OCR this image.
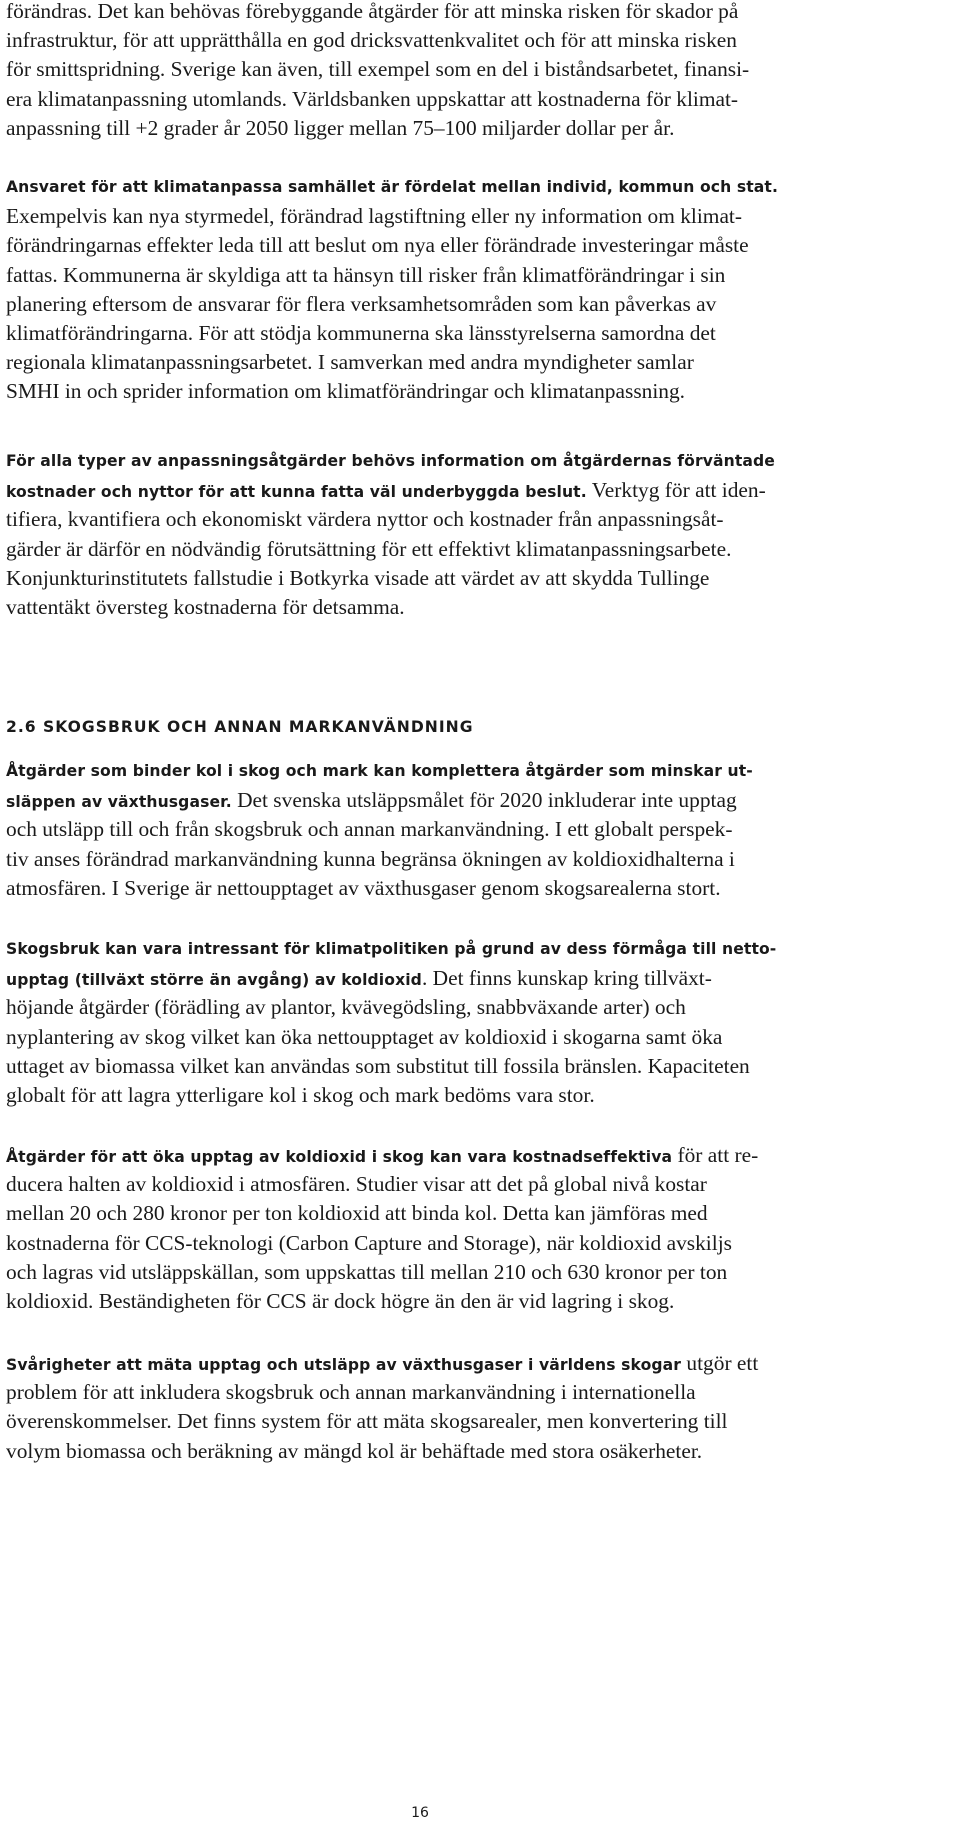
förändras. Det kan behövas förebyggande åtgärder för att minska risken för skador på
infrastruktur, för att upprätthålla en god dricksvattenkvalitet och för att minska risken
för smittspridning. Sverige kan även, till exempel som en del i biståndsarbetet, finansi-
era klimatanpassning utomlands. Världsbanken uppskattar att kostnaderna för klimat-
anpassning till +2 grader år 2050 ligger mellan 75–100 miljarder dollar per år.
Ansvaret för att klimatanpassa samhället är fördelat mellan individ, kommun och stat.
Exempelvis kan nya styrmedel, förändrad lagstiftning eller ny information om klimat-
förändringarnas effekter leda till att beslut om nya eller förändrade investeringar måste
fattas. Kommunerna är skyldiga att ta hänsyn till risker från klimatförändringar i sin
planering eftersom de ansvarar för flera verksamhetsområden som kan påverkas av
klimatförändringarna. För att stödja kommunerna ska länsstyrelserna samordna det
regionala klimatanpassningsarbetet. I samverkan med andra myndigheter samlar
SMHI in och sprider information om klimatförändringar och klimatanpassning.
För alla typer av anpassningsåtgärder behövs information om åtgärdernas förväntade
kostnader och nyttor för att kunna fatta väl underbyggda beslut. Verktyg för att iden-
tifiera, kvantifiera och ekonomiskt värdera nyttor och kostnader från anpassningsåt-
gärder är därför en nödvändig förutsättning för ett effektivt klimatanpassningsarbete.
Konjunkturinstitutets fallstudie i Botkyrka visade att värdet av att skydda Tullinge
vattentäkt översteg kostnaderna för detsamma.
2.6 SKOGSBRUK OCH ANNAN MARKANVÄNDNING
Åtgärder som binder kol i skog och mark kan komplettera åtgärder som minskar ut-
släppen av växthusgaser. Det svenska utsläppsmålet för 2020 inkluderar inte upptag
och utsläpp till och från skogsbruk och annan markanvändning. I ett globalt perspek-
tiv anses förändrad markanvändning kunna begränsa ökningen av koldioxidhalterna i
atmosfären. I Sverige är nettoupptaget av växthusgaser genom skogsarealerna stort.
Skogsbruk kan vara intressant för klimatpolitiken på grund av dess förmåga till netto-
upptag (tillväxt större än avgång) av koldioxid. Det finns kunskap kring tillväxt-
höjande åtgärder (förädling av plantor, kvävegödsling, snabbväxande arter) och
nyplantering av skog vilket kan öka nettoupptaget av koldioxid i skogarna samt öka
uttaget av biomassa vilket kan användas som substitut till fossila bränslen. Kapaciteten
globalt för att lagra ytterligare kol i skog och mark bedöms vara stor.
Åtgärder för att öka upptag av koldioxid i skog kan vara kostnadseffektiva för att re-
ducera halten av koldioxid i atmosfären. Studier visar att det på global nivå kostar
mellan 20 och 280 kronor per ton koldioxid att binda kol. Detta kan jämföras med
kostnaderna för CCS-teknologi (Carbon Capture and Storage), när koldioxid avskiljs
och lagras vid utsläppskällan, som uppskattas till mellan 210 och 630 kronor per ton
koldioxid. Beständigheten för CCS är dock högre än den är vid lagring i skog.
Svårigheter att mäta upptag och utsläpp av växthusgaser i världens skogar utgör ett
problem för att inkludera skogsbruk och annan markanvändning i internationella
överenskommelser. Det finns system för att mäta skogsarealer, men konvertering till
volym biomassa och beräkning av mängd kol är behäftade med stora osäkerheter.
16
